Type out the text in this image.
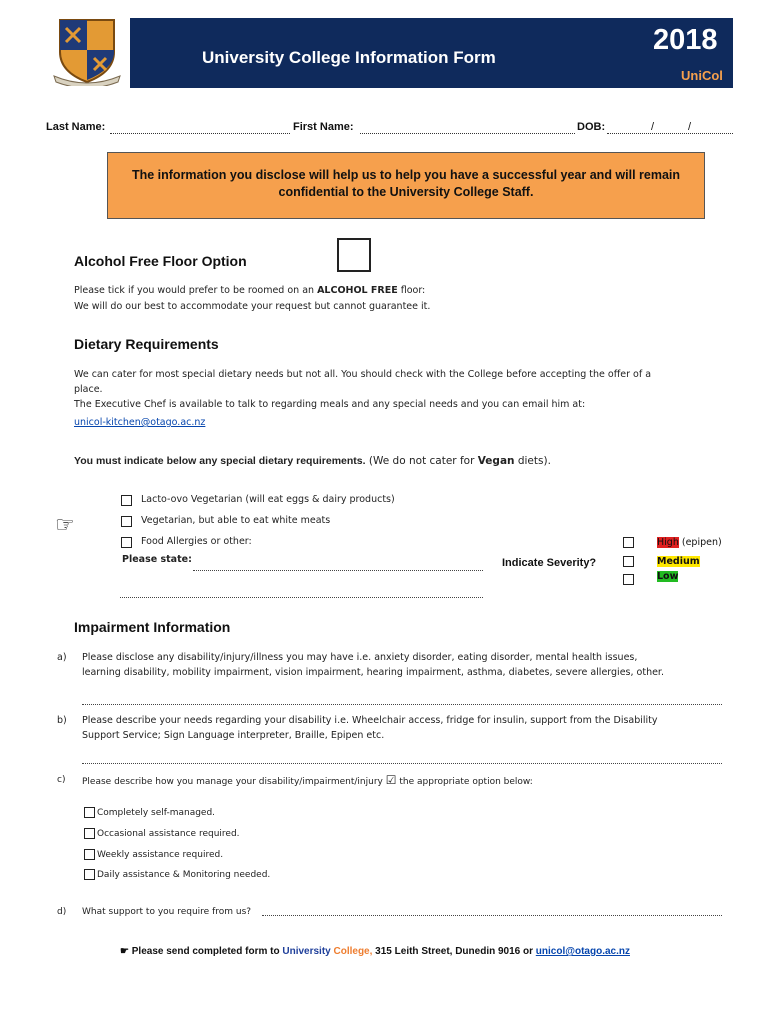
University College Information Form
2018
UniCol
Last Name:	First Name:	DOB:	/	/
The information you disclose will help us to help you have a successful year and will remain confidential to the University College Staff.
Alcohol Free Floor Option
Please tick if you would prefer to be roomed on an ALCOHOL FREE floor:
We will do our best to accommodate your request but cannot guarantee it.
Dietary Requirements
We can cater for most special dietary needs but not all. You should check with the College before accepting the offer of a
place.
The Executive Chef is available to talk to regarding meals and any special needs and you can email him at:
unicol-kitchen@otago.ac.nz
You must indicate below any special dietary requirements. (We do not cater for Vegan diets).
☞
Lacto-ovo Vegetarian (will eat eggs & dairy products)
Vegetarian, but able to eat white meats
Food Allergies or other:
Please state:	Indicate Severity?
High (epipen)
Medium
Low
Impairment Information
a) Please disclose any disability/injury/illness you may have i.e. anxiety disorder, eating disorder, mental health issues,
learning disability, mobility impairment, vision impairment, hearing impairment, asthma, diabetes, severe allergies, other.
b) Please describe your needs regarding your disability i.e. Wheelchair access, fridge for insulin, support from the Disability
Support Service; Sign Language interpreter, Braille, Epipen etc.
c) Please describe how you manage your disability/impairment/injury ☑ the appropriate option below:
Completely self-managed.
Occasional assistance required.
Weekly assistance required.
Daily assistance & Monitoring needed.
d) What support to you require from us?
☛ Please send completed form to University College, 315 Leith Street, Dunedin 9016 or unicol@otago.ac.nz
